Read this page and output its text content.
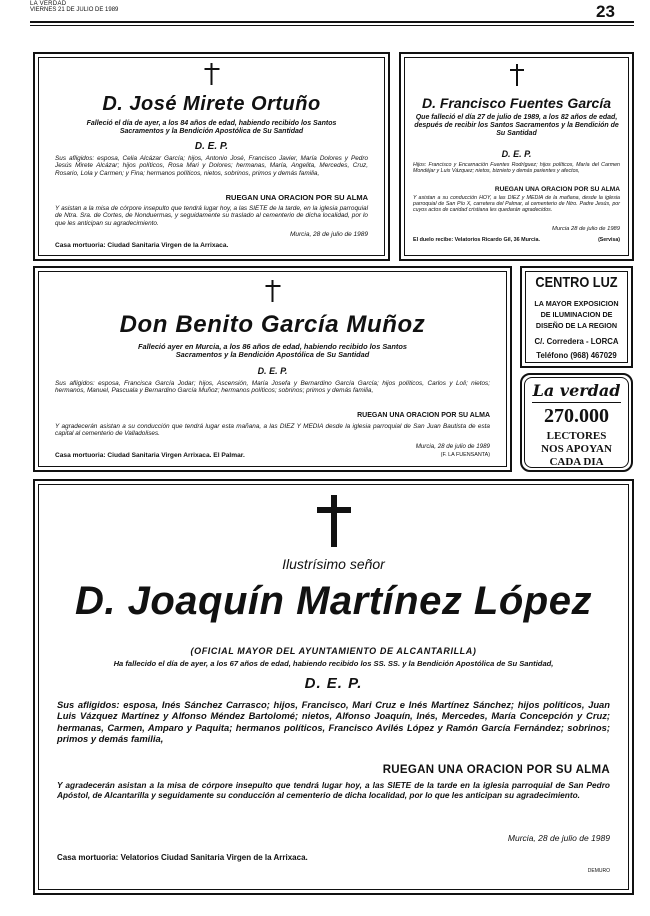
LA VERDAD
VIERNES 21 DE JULIO DE 1989	23
D. José Mirete Ortuño
Falleció el día de ayer, a los 84 años de edad, habiendo recibido los Santos Sacramentos y la Bendición Apostólica de Su Santidad
D. E. P.
Sus afligidos: esposa, Celia Alcázar García; hijos, Antonio José, Francisco Javier, María Dolores y Pedro Jesús Mirete Alcázar; hijos políticos, Rosa Mari y Dolores; hermanas, María, Angelita, Mercedes, Cruz, Rosario, Lola y Carmen; y Fina; hermanos políticos, nietos, sobrinos, primos y demás familia,
RUEGAN UNA ORACION POR SU ALMA
Y asistan a la misa de córpore insepulto que tendrá lugar hoy, a las SIETE de la tarde, en la iglesia parroquial de Ntra. Sra. de Cortes, de Nonduermas, y seguidamente su traslado al cementerio de dicha localidad, por lo que les anticipan su agradecimiento.
Murcia, 28 de julio de 1989
Casa mortuoria: Ciudad Sanitaria Virgen de la Arrixaca.
D. Francisco Fuentes García
Que falleció el día 27 de julio de 1989, a los 82 años de edad, después de recibir los Santos Sacramentos y la Bendición de Su Santidad
D. E. P.
Hijos: Francisco y Encarnación Fuentes Rodríguez; hijos políticos, María del Carmen Mondéjar y Luis Vázquez; nietos, biznieto y demás parientes y afectos,
RUEGAN UNA ORACION POR SU ALMA
Y asistan a su conducción HOY, a las DIEZ y MEDIA de la mañana, desde la iglesia parroquial de San Pío X, carretera del Palmar, al cementerio de Ntro. Padre Jesús, por cuyos actos de caridad cristiana les quedarán agradecidos.
Murcia 28 de julio de 1989
El duelo recibe: Velatorios Ricardo Gil, 36 Murcia.	(Servisa)
Don Benito García Muñoz
Falleció ayer en Murcia, a los 86 años de edad, habiendo recibido los Santos Sacramentos y la Bendición Apostólica de Su Santidad
D. E. P.
Sus afligidos: esposa, Francisca García Jodar; hijos, Ascensión, María Josefa y Bernardino García García; hijos políticos, Carlos y Loli; nietos; hermanos, Manuel, Pascuala y Bernardino García Muñoz; hermanos políticos; sobrinos; primos y demás familia,
RUEGAN UNA ORACION POR SU ALMA
Y agradecerán asistan a su conducción que tendrá lugar esta mañana, a las DIEZ Y MEDIA desde la iglesia parroquial de San Juan Bautista de esta capital al cementerio de Valladolises.
Murcia, 28 de julio de 1989
(F. LA FUENSANTA)
Casa mortuoria: Ciudad Sanitaria Virgen Arrixaca. El Palmar.
CENTRO LUZ
LA MAYOR EXPOSICION
DE ILUMINACION DE
DISEÑO DE LA REGION
C/. Corredera - LORCA
Teléfono (968) 467029
La verdad
270.000
LECTORES
NOS APOYAN
CADA DIA
Ilustrísimo señor
D. Joaquín Martínez López
(OFICIAL MAYOR DEL AYUNTAMIENTO DE ALCANTARILLA)
Ha fallecido el día de ayer, a los 67 años de edad, habiendo recibido los SS. SS. y la Bendición Apostólica de Su Santidad,
D. E. P.
Sus afligidos: esposa, Inés Sánchez Carrasco; hijos, Francisco, Mari Cruz e Inés Martínez Sánchez; hijos políticos, Juan Luis Vázquez Martínez y Alfonso Méndez Bartolomé; nietos, Alfonso Joaquín, Inés, Mercedes, María Concepción y Cruz; hermanas, Carmen, Amparo y Paquita; hermanos políticos, Francisco Avilés López y Ramón García Fernández; sobrinos; primos y demás familia,
RUEGAN UNA ORACION POR SU ALMA
Y agradecerán asistan a la misa de córpore insepulto que tendrá lugar hoy, a las SIETE de la tarde en la iglesia parroquial de San Pedro Apóstol, de Alcantarilla y seguidamente su conducción al cementerio de dicha localidad, por lo que les anticipan su agradecimiento.
Murcia, 28 de julio de 1989
Casa mortuoria: Velatorios Ciudad Sanitaria Virgen de la Arrixaca.
DEMURO
